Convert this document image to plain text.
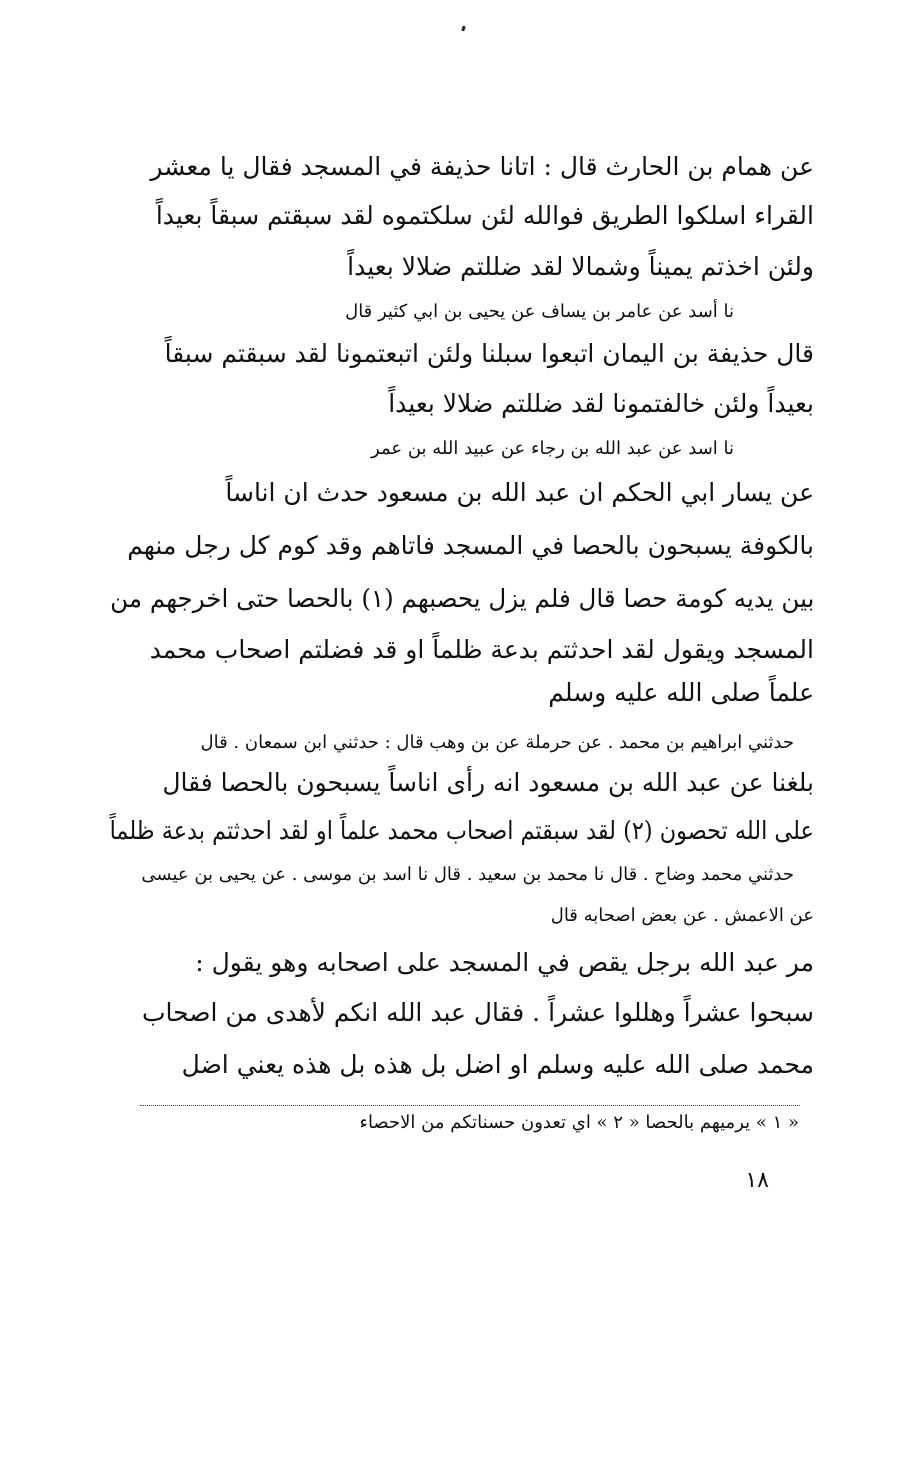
عن همام بن الحارث قال : اتانا حذيفة في المسجد فقال يا معشر
القراء اسلكوا الطريق فوالله لئن سلكتموه لقد سبقتم سبقاً بعيداً
ولئن اخذتم يميناً وشمالا لقد ضللتم ضلالا بعيداً
نا أسد عن عامر بن يساف عن يحيى بن ابي كثير قال
قال حذيفة بن اليمان اتبعوا سبلنا ولئن اتبعتمونا لقد سبقتم سبقاً
بعيداً ولئن خالفتمونا لقد ضللتم ضلالا بعيداً
نا اسد عن عبد الله بن رجاء عن عبيد الله بن عمر
عن يسار ابي الحكم ان عبد الله بن مسعود حدث ان اناساً
بالكوفة يسبحون بالحصا في المسجد فاتاهم وقد كوم كل رجل منهم
بين يديه كومة حصا قال فلم يزل يحصبهم (١) بالحصا حتى اخرجهم من
المسجد ويقول لقد احدثتم بدعة ظلماً او قد فضلتم اصحاب محمد
علماً صلى الله عليه وسلم
حدثني ابراهيم بن محمد . عن حرملة عن بن وهب قال : حدثني ابن سمعان . قال
بلغنا عن عبد الله بن مسعود انه رأى اناساً يسبحون بالحصا فقال
على الله تحصون (٢) لقد سبقتم اصحاب محمد علماً او لقد احدثتم بدعة ظلماً
حدثني محمد وضاح . قال نا محمد بن سعيد . قال نا اسد بن موسى . عن يحيى بن عيسى
عن الاعمش . عن بعض اصحابه قال
مر عبد الله برجل يقص في المسجد على اصحابه وهو يقول :
سبحوا عشراً وهللوا عشراً . فقال عبد الله انكم لأهدى من اصحاب
محمد صلى الله عليه وسلم او اضل بل هذه بل هذه يعني اضل
« ١ » يرميهم بالحصا « ٢ » اي تعدون حسناتكم من الاحصاء
١٨
